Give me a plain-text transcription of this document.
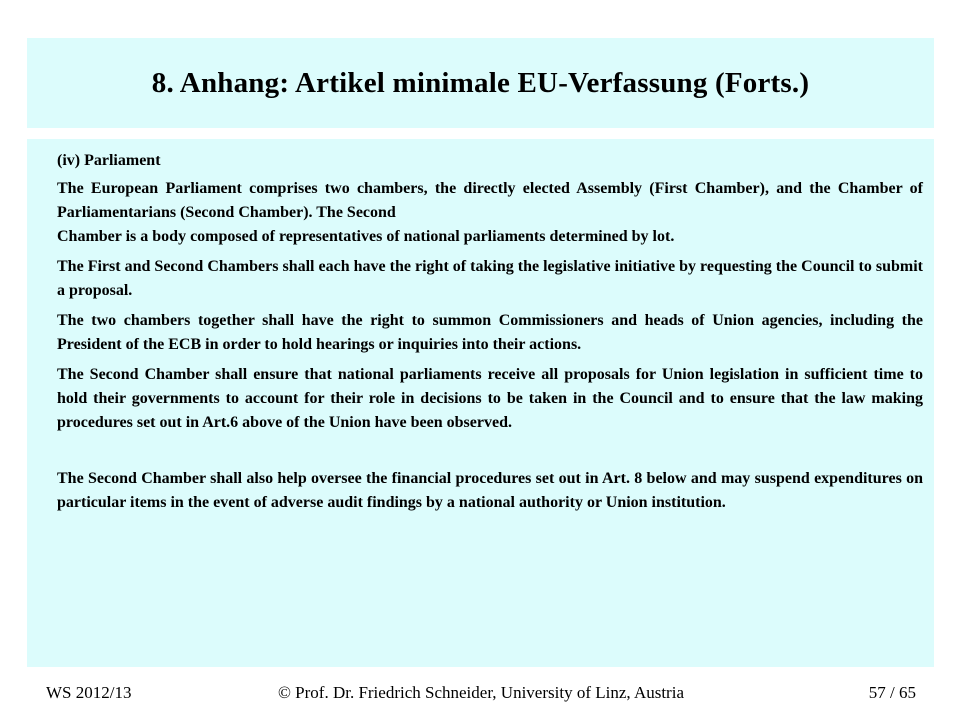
8. Anhang: Artikel minimale EU-Verfassung (Forts.)

(iv) Parliament

The European Parliament comprises two chambers, the directly elected Assembly (First Chamber), and the Chamber of Parliamentarians (Second Chamber). The Second

Chamber is a body composed of representatives of national parliaments determined by lot.

The First and Second Chambers shall each have the right of taking the legislative initiative by requesting the Council to submit a proposal.

The two chambers together shall have the right to summon Commissioners and heads of Union agencies, including the President of the ECB in order to hold hearings or inquiries into their actions.

The Second Chamber shall ensure that national parliaments receive all proposals for Union legislation in sufficient time to hold their governments to account for their role in decisions to be taken in the Council and to ensure that the law making procedures set out in Art.6 above of the Union have been observed.

The Second Chamber shall also help oversee the financial procedures set out in Art. 8 below and may suspend expenditures on particular items in the event of adverse audit findings by a national authority or Union institution.

WS 2012/13	© Prof. Dr. Friedrich Schneider, University of Linz, Austria	57 / 65
